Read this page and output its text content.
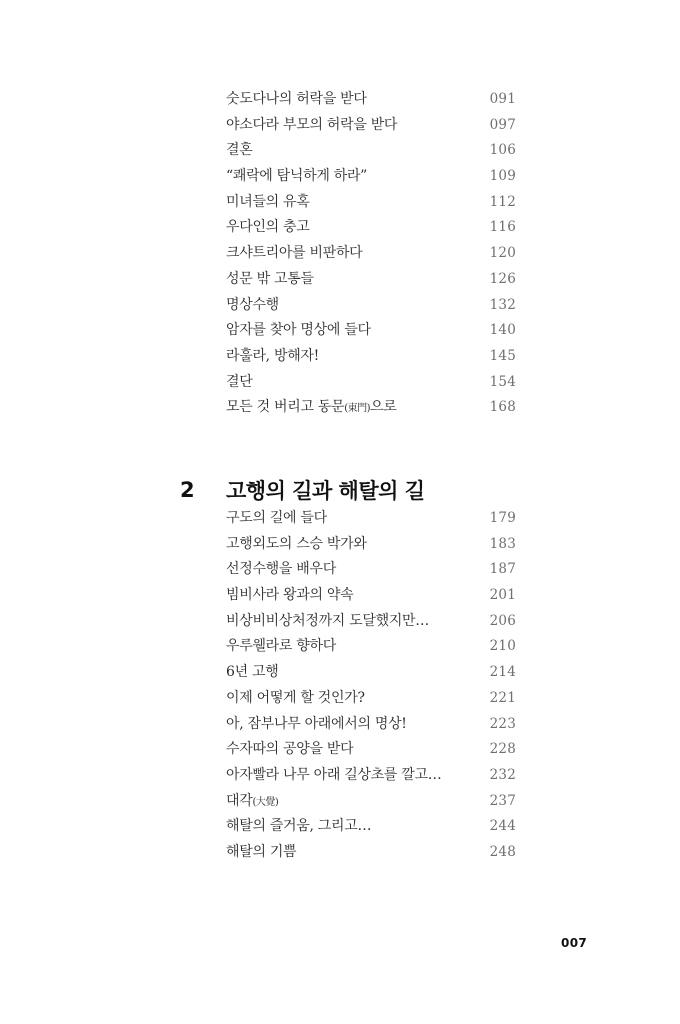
숫도다나의 허락을 받다	091
야소다라 부모의 허락을 받다	097
결혼	106
“쾌락에 탐닉하게 하라”	109
미녀들의 유혹	112
우다인의 충고	116
크샤트리아를 비판하다	120
성문 밖 고통들	126
명상수행	132
암자를 찾아 명상에 들다	140
라훌라, 방해자!	145
결단	154
모든 것 버리고 동문(東門)으로	168
2	고행의 길과 해탈의 길
구도의 길에 들다	179
고행외도의 스승 박가와	183
선정수행을 배우다	187
빔비사라 왕과의 약속	201
비상비비상처정까지 도달했지만…	206
우루웰라로 향하다	210
6년 고행	214
이제 어떻게 할 것인가?	221
아, 잠부나무 아래에서의 명상!	223
수자따의 공양을 받다	228
아자빨라 나무 아래 길상초를 깔고…	232
대각(大覺)	237
해탈의 즐거움, 그리고…	244
해탈의 기쁨	248
007
